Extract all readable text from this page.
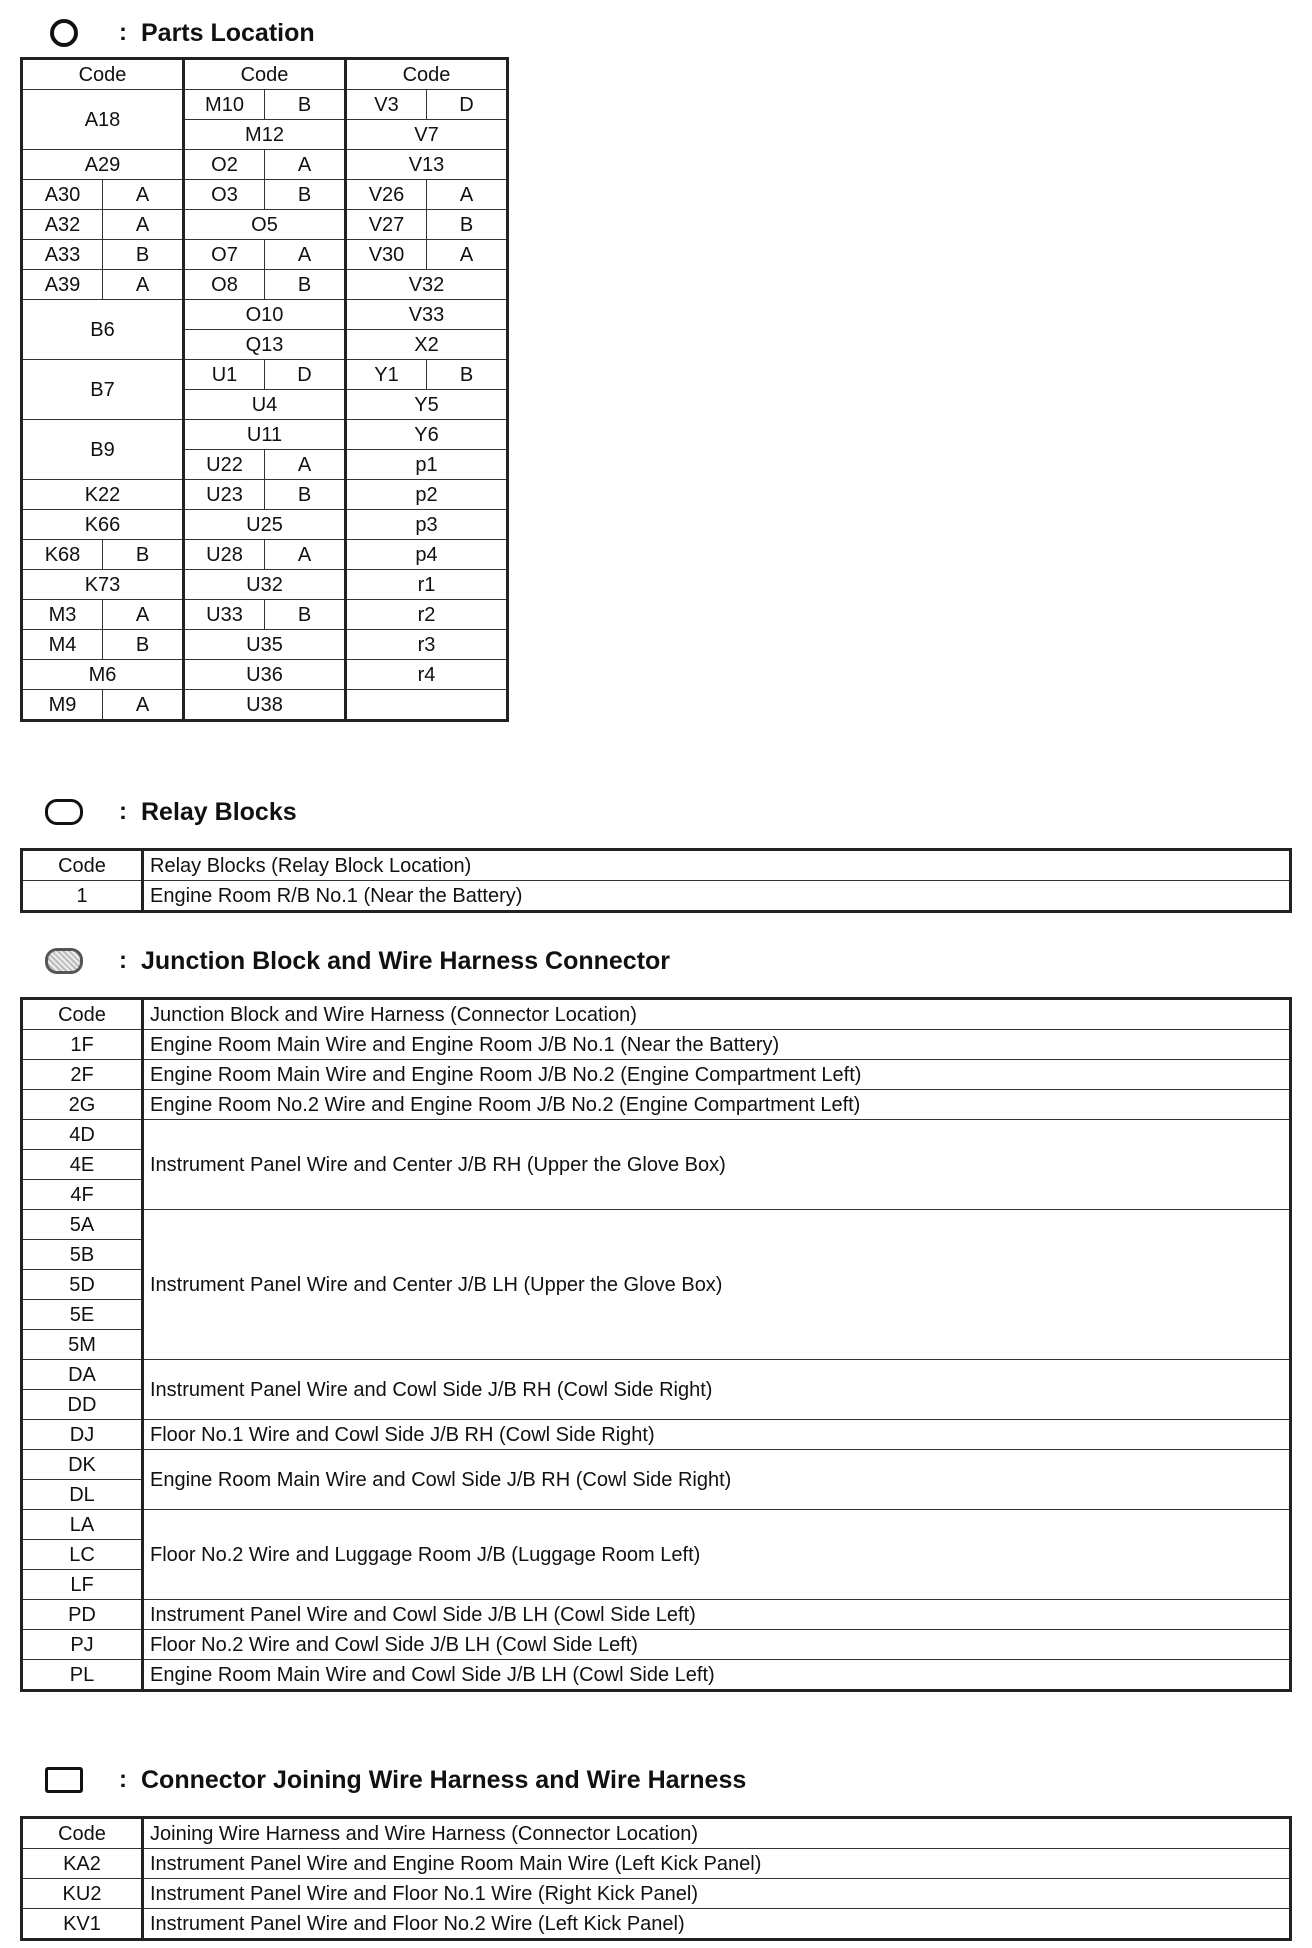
: Parts Location
Code		Code		Code	
A18		M10	B	V3	D
		M12		V7	
A29		O2	A	V13	
A30	A	O3	B	V26	A
A32	A	O5		V27	B
A33	B	O7	A	V30	A
A39	A	O8	B	V32	
B6		O10		V33	
		Q13		X2	
B7		U1	D	Y1	B
		U4		Y5	
B9		U11		Y6	
		U22	A	p1	
K22		U23	B	p2	
K66		U25		p3	
K68	B	U28	A	p4	
K73		U32		r1	
M3	A	U33	B	r2	
M4	B	U35		r3	
M6		U36		r4	
M9	A	U38			
: Relay Blocks
Code	Relay Blocks (Relay Block Location)
1	Engine Room R/B No.1 (Near the Battery)
: Junction Block and Wire Harness Connector
Code	Junction Block and Wire Harness (Connector Location)
1F	Engine Room Main Wire and Engine Room J/B No.1 (Near the Battery)
2F	Engine Room Main Wire and Engine Room J/B No.2 (Engine Compartment Left)
2G	Engine Room No.2 Wire and Engine Room J/B No.2 (Engine Compartment Left)
4D	Instrument Panel Wire and Center J/B RH (Upper the Glove Box)
4E	
4F	
5A	Instrument Panel Wire and Center J/B LH (Upper the Glove Box)
5B	
5D	
5E	
5M	
DA	Instrument Panel Wire and Cowl Side J/B RH (Cowl Side Right)
DD	
DJ	Floor No.1 Wire and Cowl Side J/B RH (Cowl Side Right)
DK	Engine Room Main Wire and Cowl Side J/B RH (Cowl Side Right)
DL	
LA	Floor No.2 Wire and Luggage Room J/B (Luggage Room Left)
LC	
LF	
PD	Instrument Panel Wire and Cowl Side J/B LH (Cowl Side Left)
PJ	Floor No.2 Wire and Cowl Side J/B LH (Cowl Side Left)
PL	Engine Room Main Wire and Cowl Side J/B LH (Cowl Side Left)
: Connector Joining Wire Harness and Wire Harness
Code	Joining Wire Harness and Wire Harness (Connector Location)
KA2	Instrument Panel Wire and Engine Room Main Wire (Left Kick Panel)
KU2	Instrument Panel Wire and Floor No.1 Wire (Right Kick Panel)
KV1	Instrument Panel Wire and Floor No.2 Wire (Left Kick Panel)
